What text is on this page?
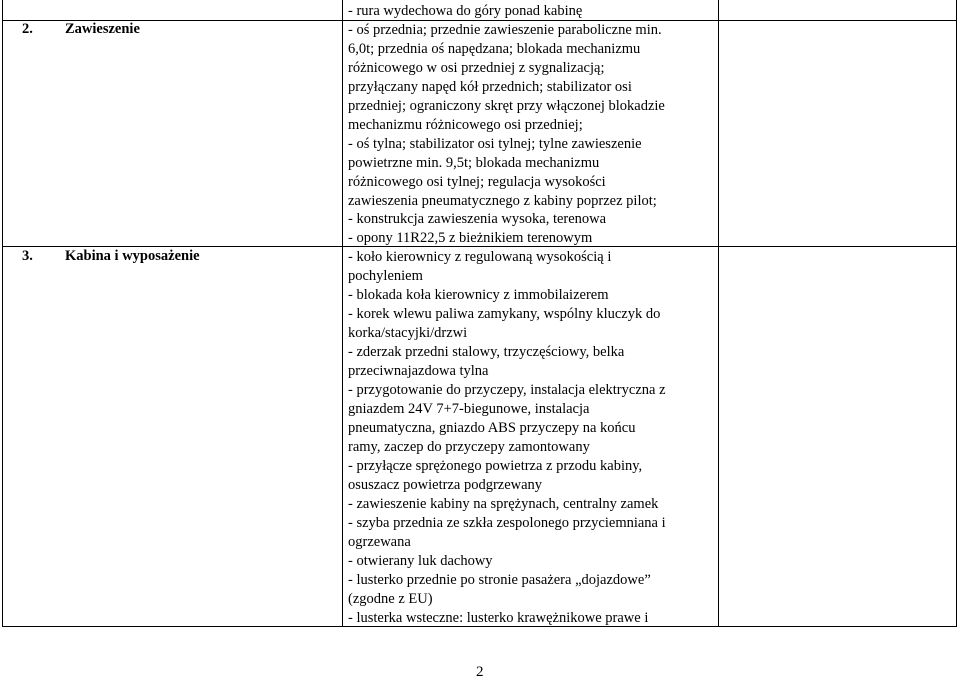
2. Zawieszenie
3. Kabina i wyposażenie
- rura wydechowa do góry ponad kabinę
- oś przednia; przednie zawieszenie paraboliczne min.
6,0t; przednia oś napędzana; blokada mechanizmu
różnicowego w osi przedniej z sygnalizacją;
przyłączany napęd kół przednich; stabilizator osi
przedniej; ograniczony skręt przy włączonej blokadzie
mechanizmu różnicowego osi przedniej;
- oś tylna; stabilizator osi tylnej; tylne zawieszenie
powietrzne min. 9,5t; blokada mechanizmu
różnicowego osi tylnej; regulacja wysokości
zawieszenia pneumatycznego z kabiny poprzez pilot;
- konstrukcja zawieszenia wysoka, terenowa
- opony 11R22,5 z bieżnikiem terenowym
- koło kierownicy z regulowaną wysokością i
pochyleniem
- blokada koła kierownicy z immobilaizerem
- korek wlewu paliwa zamykany, wspólny kluczyk do
korka/stacyjki/drzwi
- zderzak przedni stalowy, trzyczęściowy, belka
przeciwnajazdowa tylna
- przygotowanie do przyczepy, instalacja elektryczna z
gniazdem 24V 7+7-biegunowe, instalacja
pneumatyczna, gniazdo ABS przyczepy na końcu
ramy, zaczep do przyczepy zamontowany
- przyłącze sprężonego powietrza z przodu kabiny,
osuszacz powietrza podgrzewany
- zawieszenie kabiny na sprężynach, centralny zamek
- szyba przednia ze szkła zespolonego przyciemniana i
ogrzewana
- otwierany luk dachowy
- lusterko przednie po stronie pasażera „dojazdowe”
(zgodne z EU)
- lusterka wsteczne: lusterko krawężnikowe prawe i
2
